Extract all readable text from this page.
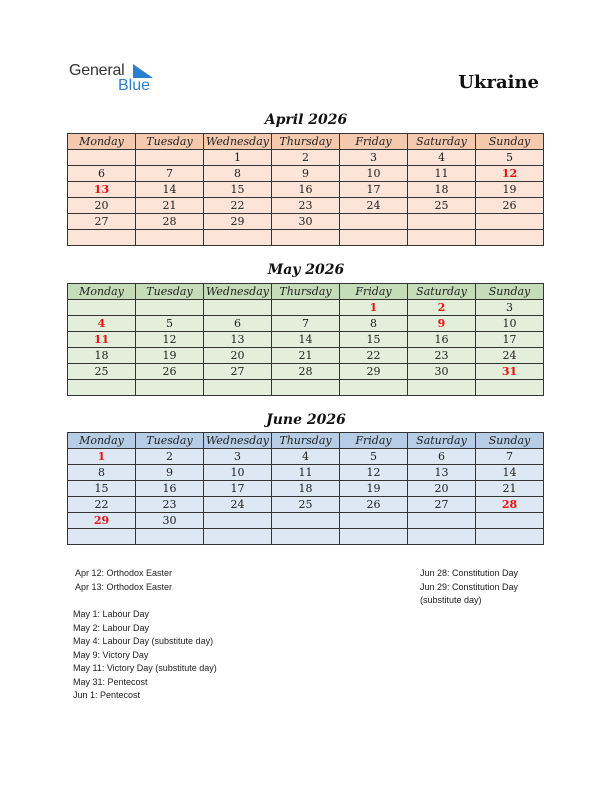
General
Blue	Ukraine
April 2026
Monday	Tuesday	Wednesday	Thursday	Friday	Saturday	Sunday
		1	2	3	4	5
6	7	8	9	10	11	12
13	14	15	16	17	18	19
20	21	22	23	24	25	26
27	28	29	30			

May 2026
Monday	Tuesday	Wednesday	Thursday	Friday	Saturday	Sunday
				1	2	3
4	5	6	7	8	9	10
11	12	13	14	15	16	17
18	19	20	21	22	23	24
25	26	27	28	29	30	31

June 2026
Monday	Tuesday	Wednesday	Thursday	Friday	Saturday	Sunday
1	2	3	4	5	6	7
8	9	10	11	12	13	14
15	16	17	18	19	20	21
22	23	24	25	26	27	28
29	30					

Apr 12: Orthodox Easter
Apr 13: Orthodox Easter
May 1: Labour Day
May 2: Labour Day
May 4: Labour Day (substitute day)
May 9: Victory Day
May 11: Victory Day (substitute day)
May 31: Pentecost
Jun 1: Pentecost
Jun 28: Constitution Day
Jun 29: Constitution Day
(substitute day)
